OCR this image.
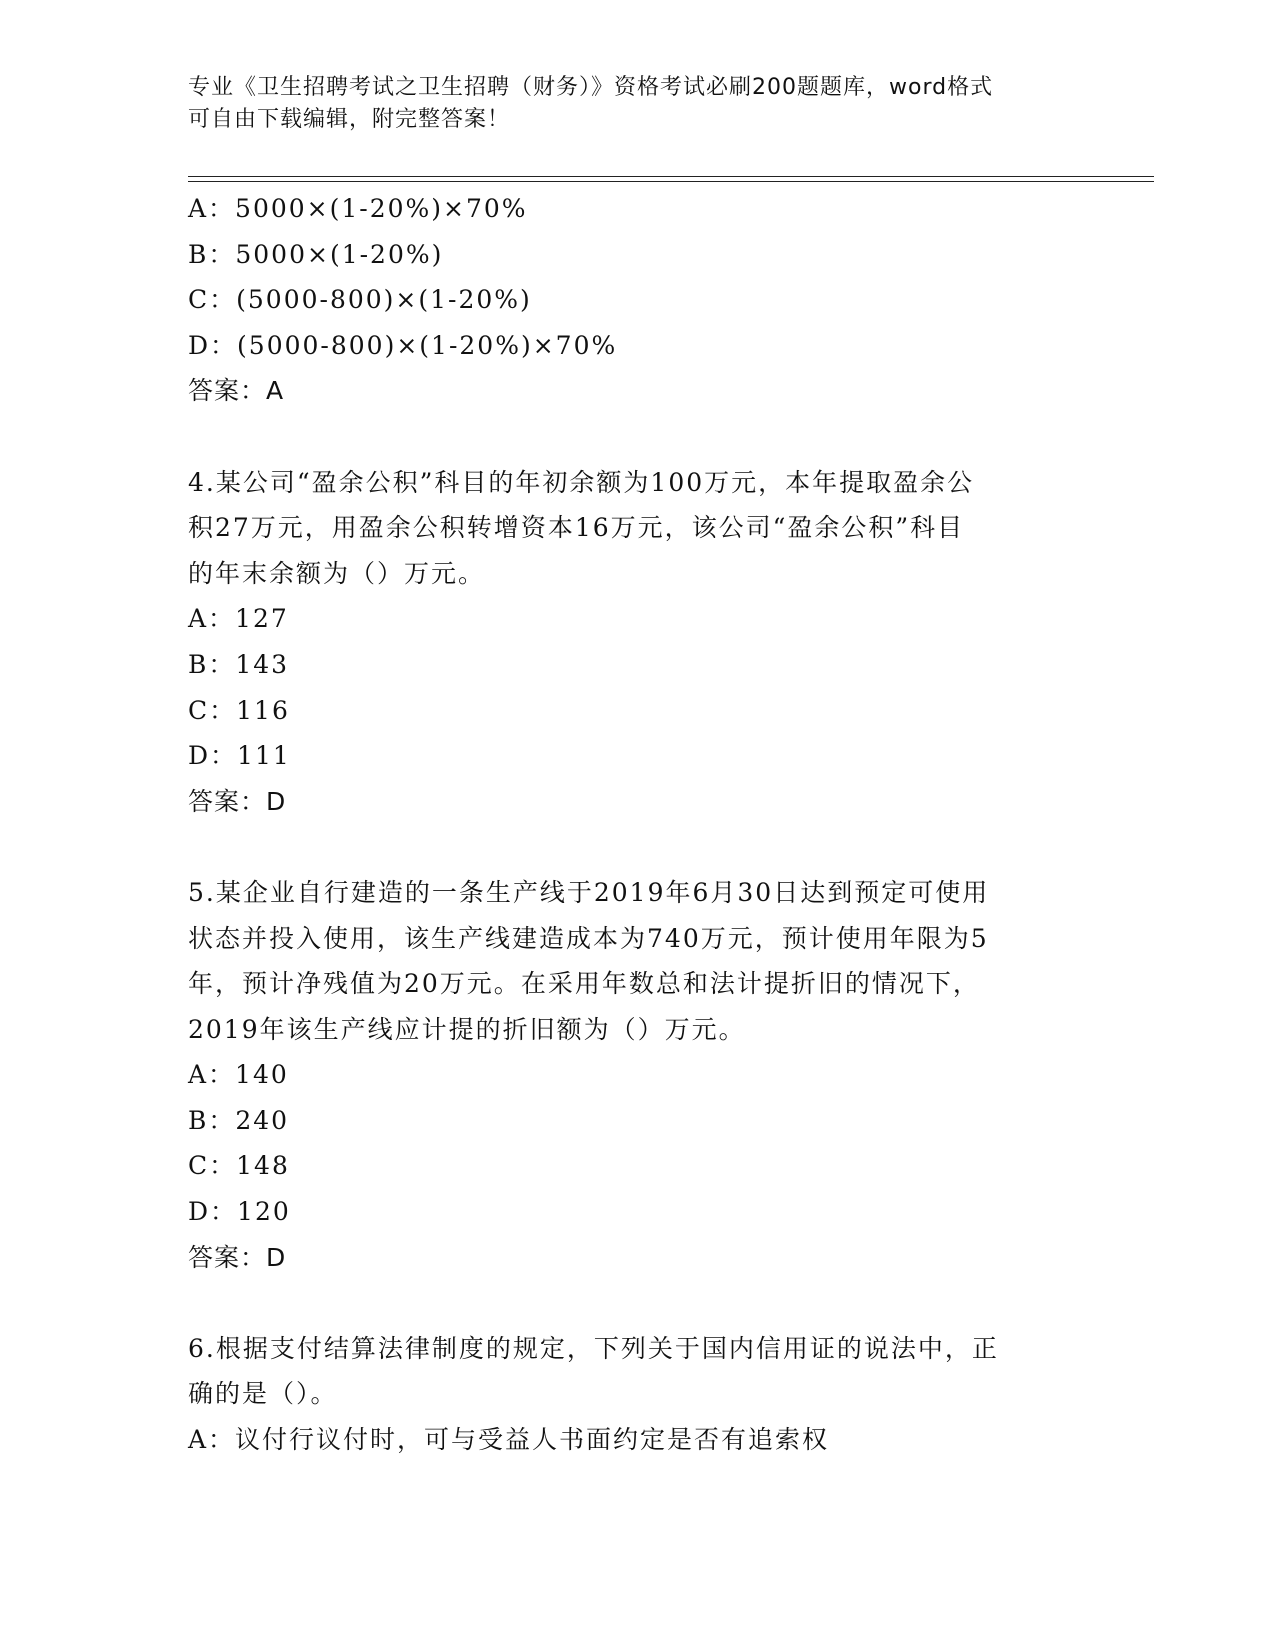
专业《卫生招聘考试之卫生招聘（财务）》资格考试必刷200题题库，word格式
可自由下载编辑，附完整答案！
A：5000×(1-20%)×70%
B：5000×(1-20%)
C：(5000-800)×(1-20%)
D：(5000-800)×(1-20%)×70%
答案：A
4.某公司“盈余公积”科目的年初余额为100万元，本年提取盈余公
积27万元，用盈余公积转增资本16万元，该公司“盈余公积”科目
的年末余额为（）万元。
A：127
B：143
C：116
D：111
答案：D
5.某企业自行建造的一条生产线于2019年6月30日达到预定可使用
状态并投入使用，该生产线建造成本为740万元，预计使用年限为5
年，预计净残值为20万元。在采用年数总和法计提折旧的情况下，
2019年该生产线应计提的折旧额为（）万元。
A：140
B：240
C：148
D：120
答案：D
6.根据支付结算法律制度的规定，下列关于国内信用证的说法中，正
确的是（）。
A：议付行议付时，可与受益人书面约定是否有追索权
